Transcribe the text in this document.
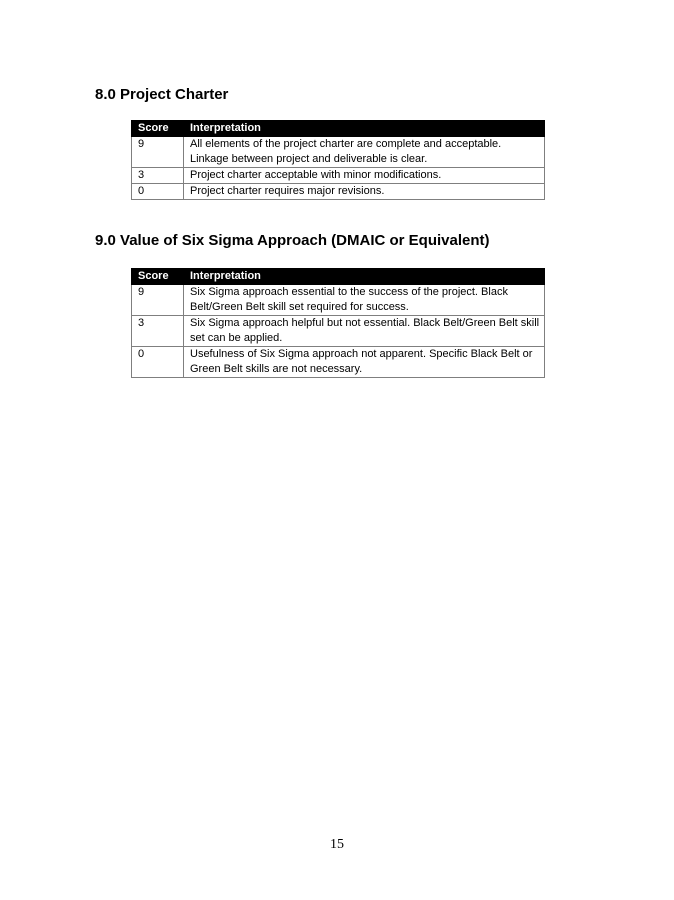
8.0 Project Charter
Score	Interpretation
9	All elements of the project charter are complete and acceptable. Linkage between project and deliverable is clear.
3	Project charter acceptable with minor modifications.
0	Project charter requires major revisions.
9.0 Value of Six Sigma Approach (DMAIC or Equivalent)
Score	Interpretation
9	Six Sigma approach essential to the success of the project. Black Belt/Green Belt skill set required for success.
3	Six Sigma approach helpful but not essential. Black Belt/Green Belt skill set can be applied.
0	Usefulness of Six Sigma approach not apparent. Specific Black Belt or Green Belt skills are not necessary.
15
